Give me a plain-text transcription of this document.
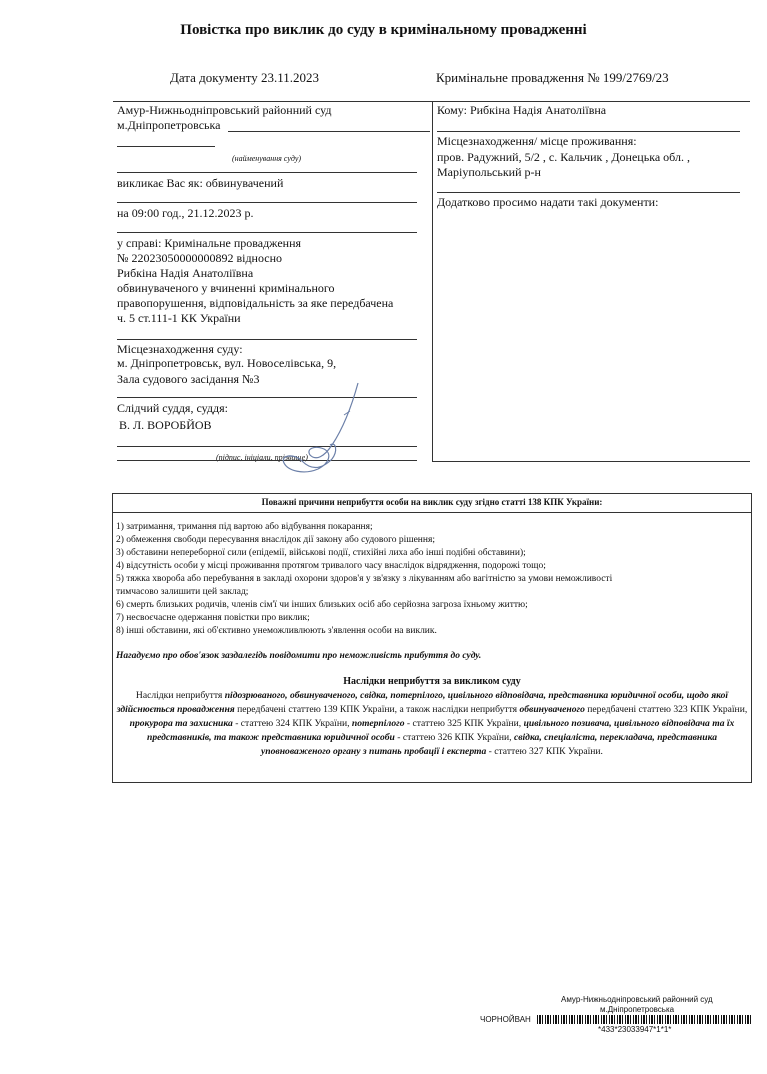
Повістка про виклик до суду в кримінальному провадженні
Дата документу 23.11.2023	Кримінальне провадження № 199/2769/23
Амур-Нижньодніпровський районний суд
м.Дніпропетровська
(найменування суду)
викликає Вас як: обвинувачений
на 09:00 год., 21.12.2023 р.
у справі: Кримінальне провадження
№ 22023050000000892 відносно
Рибкіна Надія Анатоліївна
обвинуваченого у вчиненні кримінального
правопорушення, відповідальність за яке передбачена
ч. 5 ст.111-1 КК України
Місцезнаходження суду:
м. Дніпропетровськ, вул. Новоселівська, 9,
Зала судового засідання №3
Слідчий суддя, суддя:
В. Л. ВОРОБЙОВ
(підпис, ініціали, прізвище)
Кому: Рибкіна Надія Анатоліївна
Місцезнаходження/ місце проживання:
пров. Радужний, 5/2 , с. Кальчик , Донецька обл. ,
Маріупольський р-н
Додатково просимо надати такі документи:
Поважні причини неприбуття особи на виклик суду згідно статті 138 КПК України:
1) затримання, тримання під вартою або відбування покарання;
2) обмеження свободи пересування внаслідок дії закону або судового рішення;
3) обставини непереборної сили (епідемії, військові події, стихійні лиха або інші подібні обставини);
4) відсутність особи у місці проживання протягом тривалого часу внаслідок відрядження, подорожі тощо;
5) тяжка хвороба або перебування в закладі охорони здоров'я у зв'язку з лікуванням або вагітністю за умови неможливості
тимчасово залишити цей заклад;
6) смерть близьких родичів, членів сім'ї чи інших близьких осіб або серйозна загроза їхньому життю;
7) несвоєчасне одержання повістки про виклик;
8) інші обставини, які об'єктивно унеможливлюють з'явлення особи на виклик.
Нагадуємо про обов'язок заздалегідь повідомити про неможливість прибуття до суду.
Наслідки неприбуття за викликом суду
Наслідки неприбуття підозрюваного, обвинуваченого, свідка, потерпілого, цивільного відповідача, представника юридичної особи, щодо якої здійснюється провадження передбачені статтею 139 КПК України, а також наслідки неприбуття обвинуваченого передбачені статтею 323 КПК України, прокурора та захисника - статтею 324 КПК України, потерпілого - статтею 325 КПК України, цивільного позивача, цивільного відповідача та їх представників, та також представника юридичної особи - статтею 326 КПК України, свідка, спеціаліста, перекладача, представника уповноваженого органу з питань пробації і експерта - статтею 327 КПК України.
Амур-Нижньодніпровський районний суд
м.Дніпропетровська
ЧОРНОЙВАН
*433*23033947*1*1*
